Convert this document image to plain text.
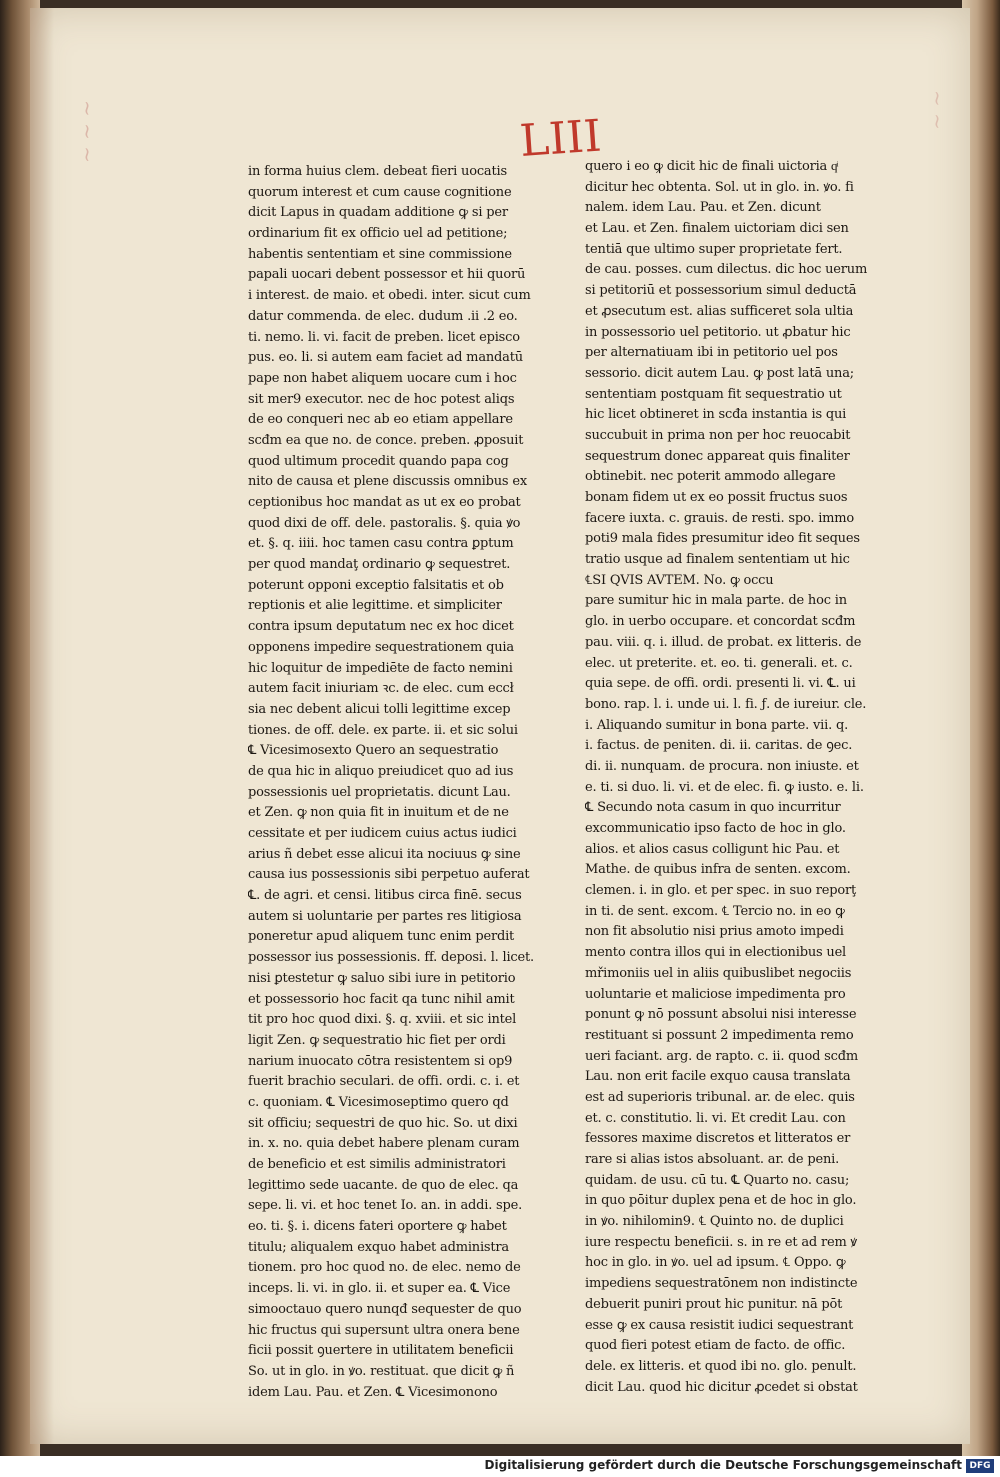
~ ~ ~	~ ~
LIII
in forma huius clem. debeat fieri uocatis
quorum interest et cum cause cognitione
dicit Lapus in quadam additione ꝙ si per
ordinarium fit ex officio uel ad petitione;
habentis sententiam et sine commissione
papali uocari debent possessor et hii quorū
i interest. de maio. et obedi. inter. sicut cum
datur commenda. de elec. dudum .ii .2 eo.
ti. nemo. li. vi. facit de preben. licet episco
pus. eo. li. si autem eam faciet ad mandatū
pape non habet aliquem uocare cum i hoc
sit mer9 executor. nec de hoc potest aliqs
de eo conqueri nec ab eo etiam appellare
scđm ea que no. de conce. preben. ꝓposuit
quod ultimum procedit quando papa cog
nito de causa et plene discussis omnibus ex
ceptionibus hoc mandat as ut ex eo probat
quod dixi de off. dele. pastoralis. §. quia ꝟo
et. §. q. iiii. hoc tamen casu contra ꝑptum
per quod mandaţ ordinario ꝙ sequestret.
poterunt opponi exceptio falsitatis et ob
reptionis et alie legittime. et simpliciter
contra ipsum deputatum nec ex hoc dicet
opponens impedire sequestrationem quia
hic loquitur de impediēte de facto nemini
autem facit iniuriam ꝛc. de elec. cum eccł
sia nec debent alicui tolli legittime excep
tiones. de off. dele. ex parte. ii. et sic solui
℄ Vicesimosexto Quero an sequestratio
de qua hic in aliquo preiudicet quo ad ius
possessionis uel proprietatis. dicunt Lau.
et Zen. ꝙ non quia fit in inuitum et de ne
cessitate et per iudicem cuius actus iudici
arius ñ debet esse alicui ita nociuus ꝙ sine
causa ius possessionis sibi perpetuo auferat
℄. de agri. et censi. litibus circa finē. secus
autem si uoluntarie per partes res litigiosa
poneretur apud aliquem tunc enim perdit
possessor ius possessionis. ff. deposi. l. licet.
nisi ꝑtestetur ꝙ saluo sibi iure in petitorio
et possessorio hoc facit qa tunc nihil amit
tit pro hoc quod dixi. §. q. xviii. et sic intel
ligit Zen. ꝙ sequestratio hic fiet per ordi
narium inuocato cōtra resistentem si op9
fuerit brachio seculari. de offi. ordi. c. i. et
c. quoniam. ℄ Vicesimoseptimo quero qd
sit officiu; sequestri de quo hic. So. ut dixi
in. x. no. quia debet habere plenam curam
de beneficio et est similis administratori
legittimo sede uacante. de quo de elec. qa
sepe. li. vi. et hoc tenet Io. an. in addi. spe.
eo. ti. §. i. dicens fateri oportere ꝙ habet
titulu; aliqualem exquo habet administra
tionem. pro hoc quod no. de elec. nemo de
inceps. li. vi. in glo. ii. et super ea. ℄ Vice
simooctauo quero nunqđ sequester de quo
hic fructus qui supersunt ultra onera bene
ficii possit ꝯuertere in utilitatem beneficii
So. ut in glo. in ꝟo. restituat. que dicit ꝙ ñ
idem Lau. Pau. et Zen. ℄ Vicesimonono
quero i eo ꝙ dicit hic de finali uictoria qͥ
dicitur hec obtenta. Sol. ut in glo. in. ꝟo. fi
nalem. idem Lau. Pau. et Zen. dicunt
et Lau. et Zen. finalem uictoriam dici sen
tentiā que ultimo super proprietate fert.
de cau. posses. cum dilectus. dic hoc uerum
si petitoriū et possessorium simul deductā
et ꝓsecutum est. alias sufficeret sola ultia
in possessorio uel petitorio. ut ꝓbatur hic
per alternatiuam ibi in petitorio uel pos
sessorio. dicit autem Lau. ꝙ post latā una;
sententiam postquam fit sequestratio ut
hic licet obtineret in scđa instantia is qui
succubuit in prima non per hoc reuocabit
sequestrum donec appareat quis finaliter
obtinebit. nec poterit ammodo allegare
bonam fidem ut ex eo possit fructus suos
facere iuxta. c. grauis. de resti. spo. immo
poti9 mala fides presumitur ideo fit seques
tratio usque ad finalem sententiam ut hic
℄SI QVIS AVTEM. No. ꝙ occu
pare sumitur hic in mala parte. de hoc in
glo. in uerbo occupare. et concordat scđm
pau. viii. q. i. illud. de probat. ex litteris. de
elec. ut preterite. et. eo. ti. generali. et. c.
quia sepe. de offi. ordi. presenti li. vi. ℄. ui
bono. rap. l. i. unde ui. l. fi. ƒ. de iureiur. cle.
i. Aliquando sumitur in bona parte. vii. q.
i. factus. de peniten. di. ii. caritas. de ꝯec.
di. ii. nunquam. de procura. non iniuste. et
e. ti. si duo. li. vi. et de elec. fi. ꝙ iusto. e. li.
℄ Secundo nota casum in quo incurritur
excommunicatio ipso facto de hoc in glo.
alios. et alios casus colligunt hic Pau. et
Mathe. de quibus infra de senten. excom.
clemen. i. in glo. et per spec. in suo reporţ
in ti. de sent. excom. ℄ Tercio no. in eo ꝙ
non fit absolutio nisi prius amoto impedi
mento contra illos qui in electionibus uel
mřimoniis uel in aliis quibuslibet negociis
uoluntarie et maliciose impedimenta pro
ponunt ꝙ nō possunt absolui nisi interesse
restituant si possunt 2 impedimenta remo
ueri faciant. arg. de rapto. c. ii. quod scđm
Lau. non erit facile exquo causa translata
est ad superioris tribunal. ar. de elec. quis
et. c. constitutio. li. vi. Et credit Lau. con
fessores maxime discretos et litteratos er
rare si alias istos absoluant. ar. de peni.
quidam. de usu. cū tu. ℄ Quarto no. casu;
in quo pōitur duplex pena et de hoc in glo.
in ꝟo. nihilomin9. ℄ Quinto no. de duplici
iure respectu beneficii. s. in re et ad rem ꝟ
hoc in glo. in ꝟo. uel ad ipsum. ℄ Oppo. ꝙ
impediens sequestratōnem non indistincte
debuerit puniri prout hic punitur. nā pōt
esse ꝙ ex causa resistit iudici sequestrant
quod fieri potest etiam de facto. de offic.
dele. ex litteris. et quod ibi no. glo. penult.
dicit Lau. quod hic dicitur ꝓcedet si obstat
Digitalisierung gefördert durch die Deutsche Forschungsgemeinschaft DFG
